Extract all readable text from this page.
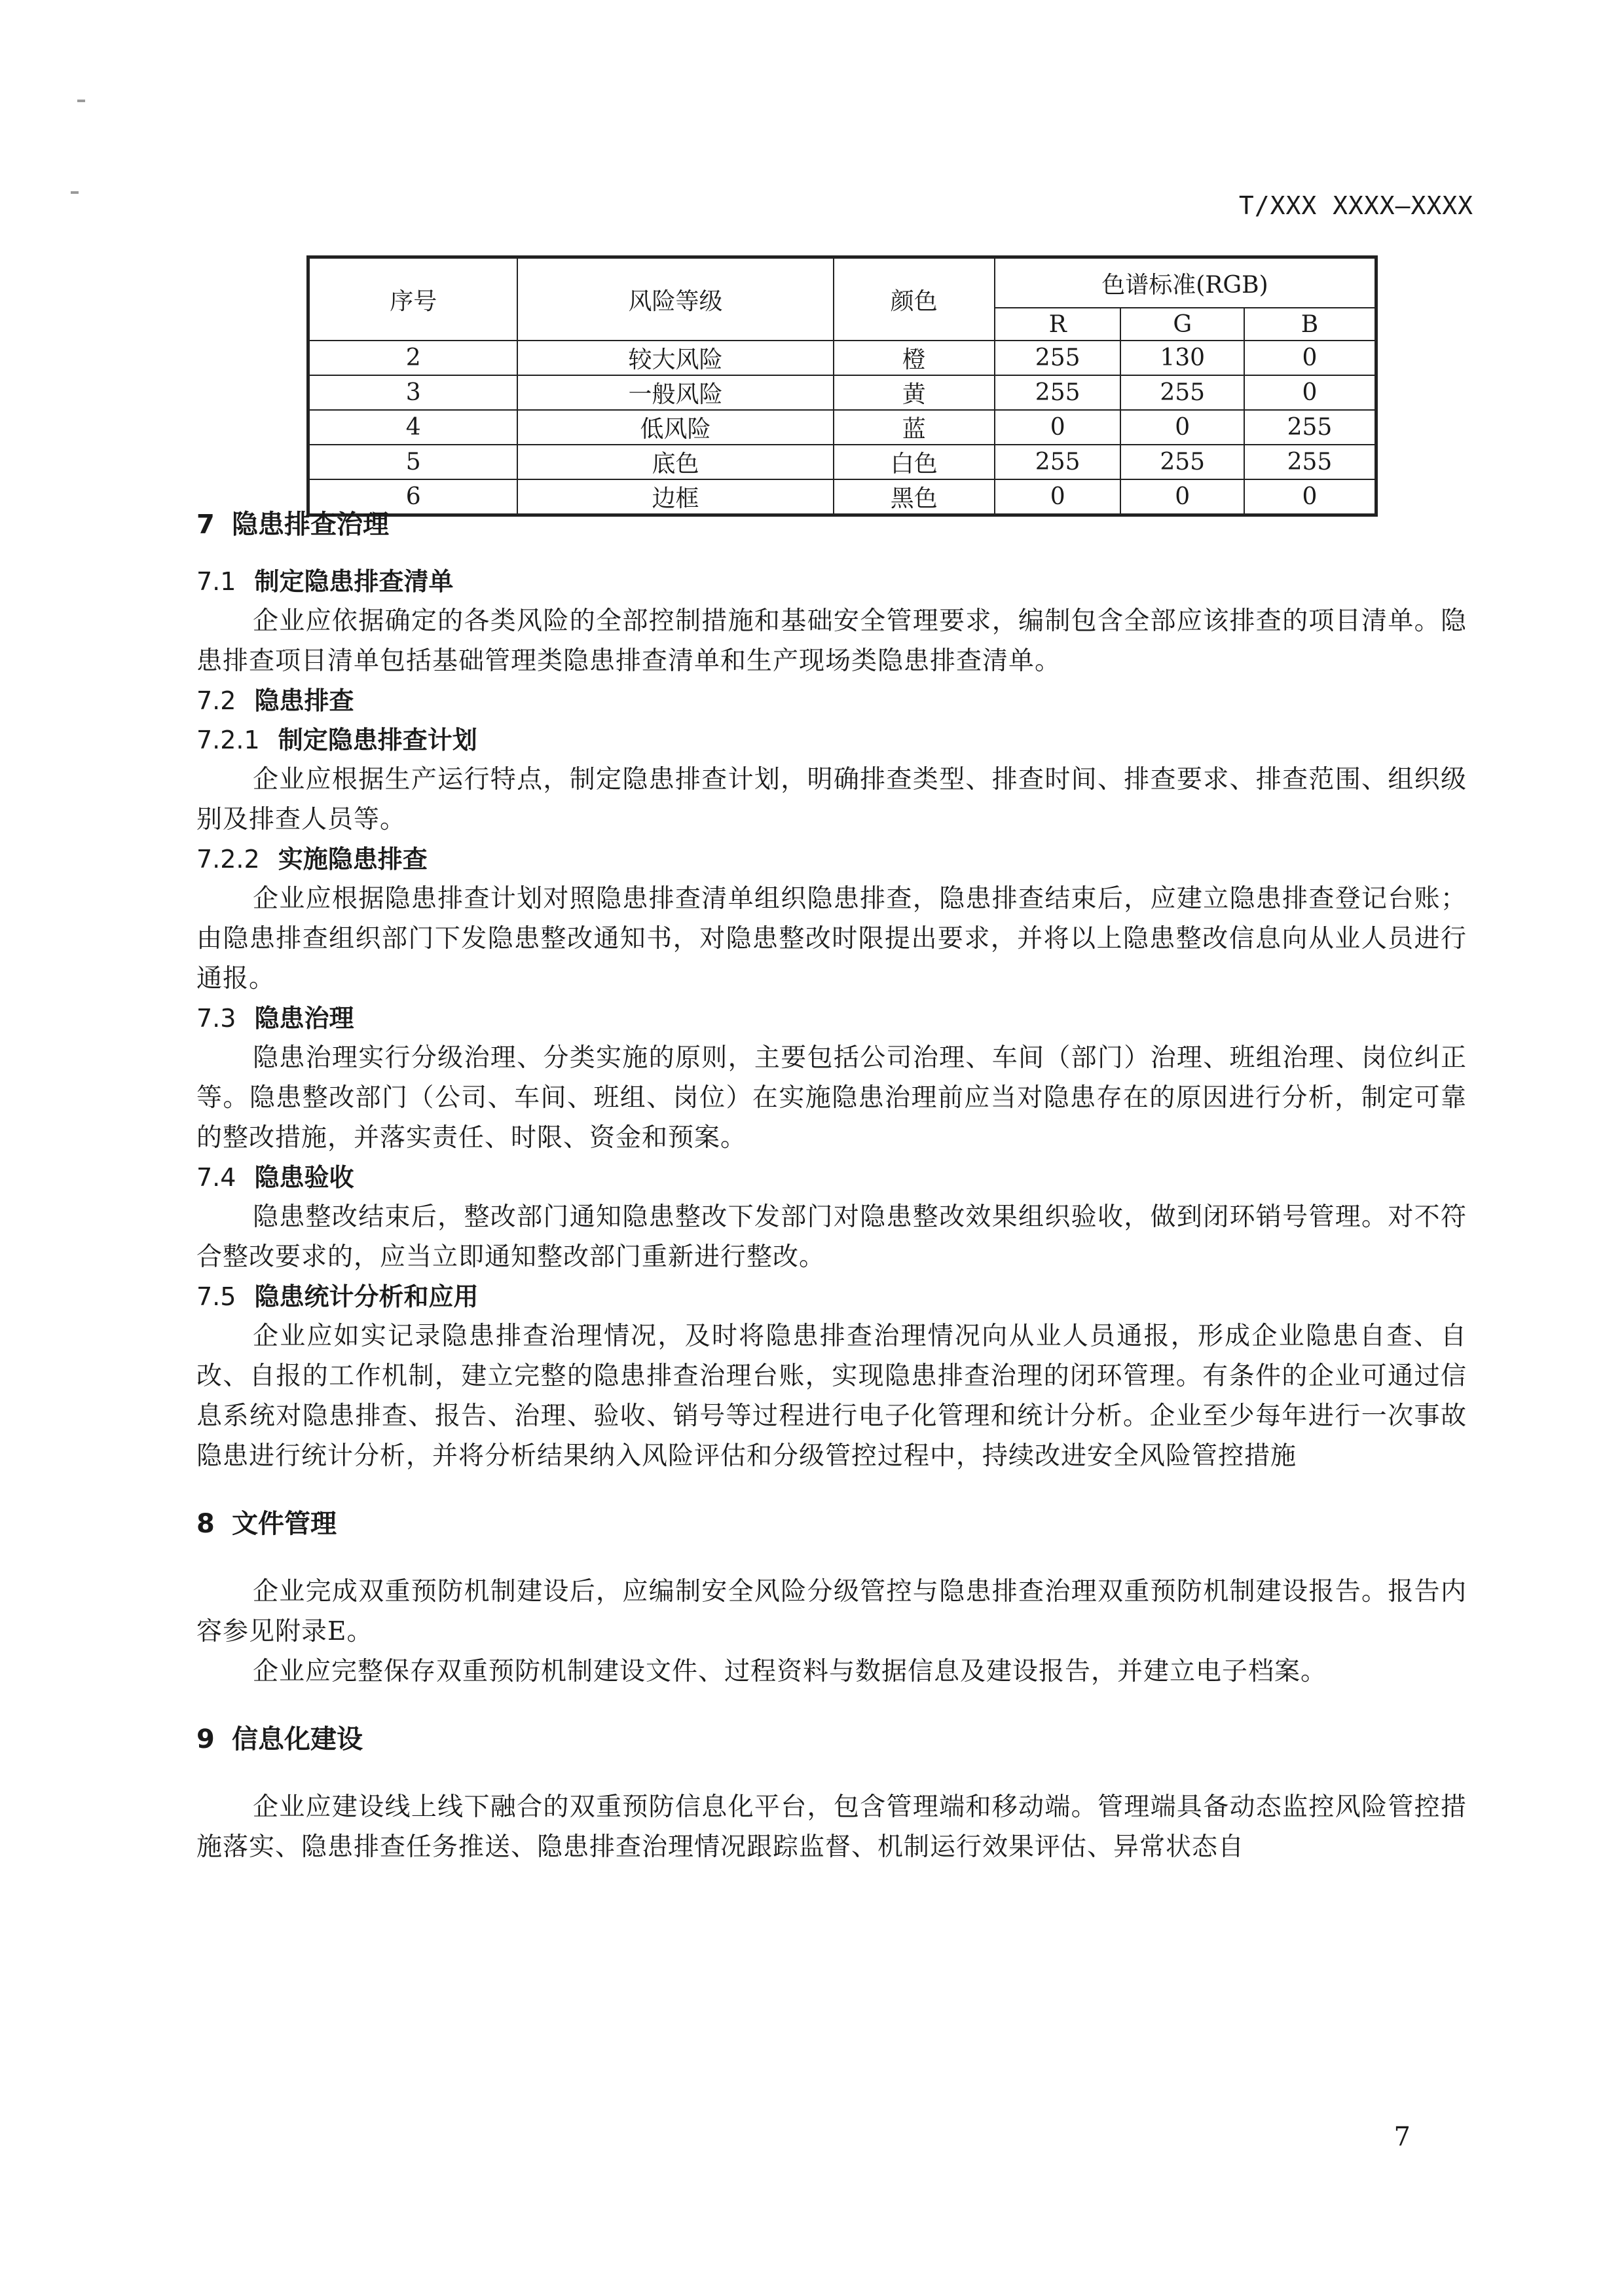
T/XXX XXXX—XXXX
序号	风险等级	颜色	色谱标准(RGB)		
			R	G	B
2	较大风险	橙	255	130	0
3	一般风险	黄	255	255	0
4	低风险	蓝	0	0	255
5	底色	白色	255	255	255
6	边框	黑色	0	0	0
7 隐患排查治理
7.1 制定隐患排查清单

企业应依据确定的各类风险的全部控制措施和基础安全管理要求，编制包含全部应该排查的项目清单。隐患排查项目清单包括基础管理类隐患排查清单和生产现场类隐患排查清单。

7.2 隐患排查
7.2.1 制定隐患排查计划

企业应根据生产运行特点，制定隐患排查计划，明确排查类型、排查时间、排查要求、排查范围、组织级别及排查人员等。

7.2.2 实施隐患排查

企业应根据隐患排查计划对照隐患排查清单组织隐患排查，隐患排查结束后，应建立隐患排查登记台账；由隐患排查组织部门下发隐患整改通知书，对隐患整改时限提出要求，并将以上隐患整改信息向从业人员进行通报。

7.3 隐患治理

隐患治理实行分级治理、分类实施的原则，主要包括公司治理、车间（部门）治理、班组治理、岗位纠正等。隐患整改部门（公司、车间、班组、岗位）在实施隐患治理前应当对隐患存在的原因进行分析，制定可靠的整改措施，并落实责任、时限、资金和预案。

7.4 隐患验收

隐患整改结束后，整改部门通知隐患整改下发部门对隐患整改效果组织验收，做到闭环销号管理。对不符合整改要求的，应当立即通知整改部门重新进行整改。

7.5 隐患统计分析和应用

企业应如实记录隐患排查治理情况，及时将隐患排查治理情况向从业人员通报，形成企业隐患自查、自改、自报的工作机制，建立完整的隐患排查治理台账，实现隐患排查治理的闭环管理。有条件的企业可通过信息系统对隐患排查、报告、治理、验收、销号等过程进行电子化管理和统计分析。企业至少每年进行一次事故隐患进行统计分析，并将分析结果纳入风险评估和分级管控过程中，持续改进安全风险管控措施

8 文件管理

企业完成双重预防机制建设后，应编制安全风险分级管控与隐患排查治理双重预防机制建设报告。报告内容参见附录E。

企业应完整保存双重预防机制建设文件、过程资料与数据信息及建设报告，并建立电子档案。

9 信息化建设

企业应建设线上线下融合的双重预防信息化平台，包含管理端和移动端。管理端具备动态监控风险管控措施落实、隐患排查任务推送、隐患排查治理情况跟踪监督、机制运行效果评估、异常状态自

7
